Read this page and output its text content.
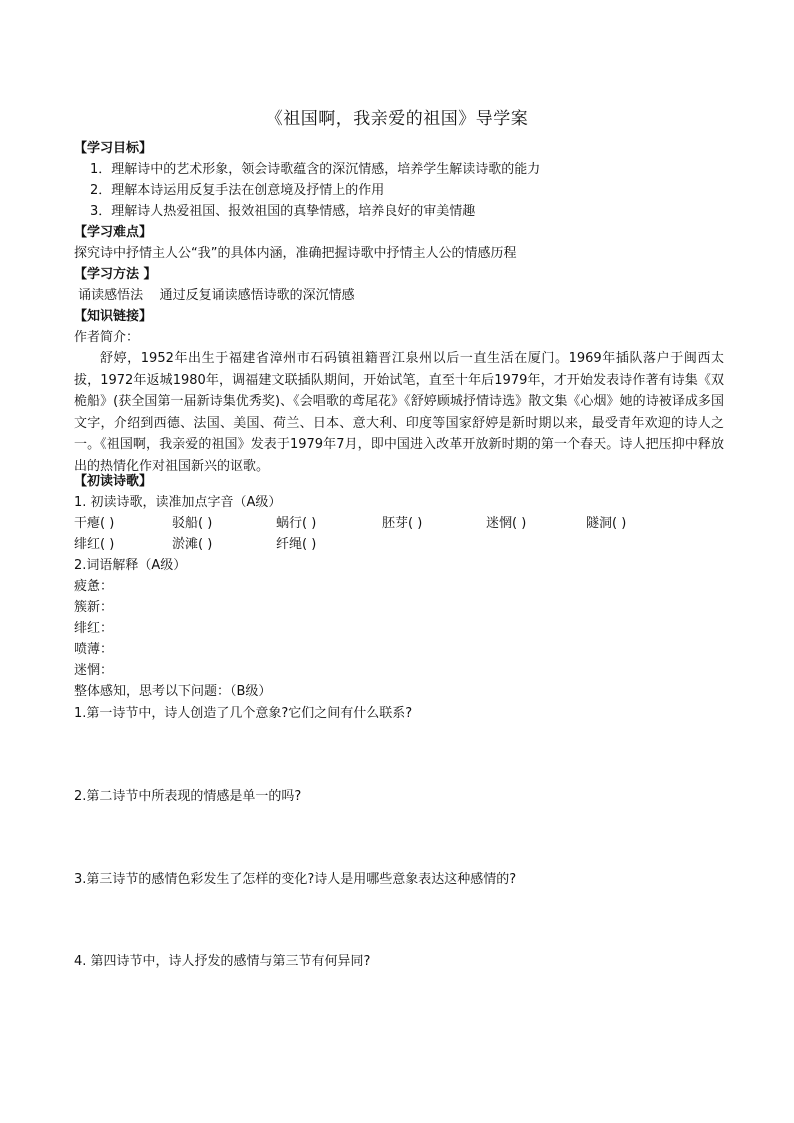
《祖国啊，我亲爱的祖国》导学案
【学习目标】
1．理解诗中的艺术形象，领会诗歌蕴含的深沉情感，培养学生解读诗歌的能力
2．理解本诗运用反复手法在创意境及抒情上的作用
3．理解诗人热爱祖国、报效祖国的真挚情感，培养良好的审美情趣
【学习难点】
探究诗中抒情主人公“我”的具体内涵，准确把握诗歌中抒情主人公的情感历程
【学习方法 】
诵读感悟法    通过反复诵读感悟诗歌的深沉情感
【知识链接】
作者简介：
舒婷，1952年出生于福建省漳州市石码镇祖籍晋江泉州以后一直生活在厦门。1969年插队落户于闽西太拔，1972年返城1980年，调福建文联插队期间，开始试笔，直至十年后1979年，才开始发表诗作著有诗集《双桅船》(获全国第一届新诗集优秀奖)、《会唱歌的鸢尾花》《舒婷顾城抒情诗选》散文集《心烟》她的诗被译成多国文字，介绍到西德、法国、美国、荷兰、日本、意大利、印度等国家舒婷是新时期以来，最受青年欢迎的诗人之一。《祖国啊，我亲爱的祖国》发表于1979年7月，即中国进入改革开放新时期的第一个春天。诗人把压抑中释放出的热情化作对祖国新兴的讴歌。
【初读诗歌】
1. 初读诗歌，读准加点字音（A级）
干瘪( )	驳船( )	蜗行( )	胚芽( )	迷惘( )	隧洞( )
绯红( )	淤滩( )	纤绳( )
2.词语解释（A级）
疲惫：
簇新：
绯红：
喷薄：
迷惘：
整体感知，思考以下问题：（B级）
1.第一诗节中，诗人创造了几个意象?它们之间有什么联系?
2.第二诗节中所表现的情感是单一的吗?
3.第三诗节的感情色彩发生了怎样的变化?诗人是用哪些意象表达这种感情的?
4. 第四诗节中，诗人抒发的感情与第三节有何异同?
